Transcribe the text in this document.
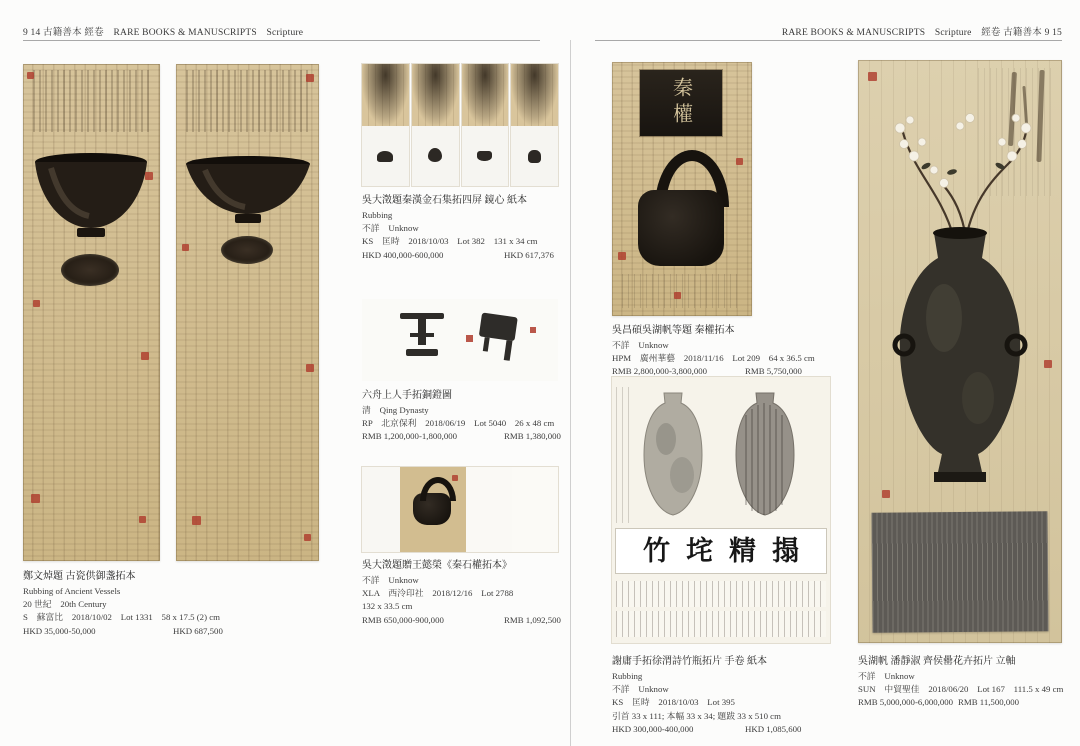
9 14 古籍善本 經卷　RARE BOOKS & MANUSCRIPTS　Scripture	RARE BOOKS & MANUSCRIPTS　Scripture　經卷 古籍善本 9 15
鄭文焯題 古瓷供御盞拓本
Rubbing of Ancient Vessels
20 世紀　20th Century
S　蘇富比　2018/10/02　Lot 1331　58 x 17.5 (2) cm
HKD 35,000-50,000	HKD 687,500
吳大澂題秦漢金石集拓四屏 鏡心 紙本
Rubbing
不詳　Unknow
KS　匡時　2018/10/03　Lot 382　131 x 34 cm
HKD 400,000-600,000	HKD 617,376
六舟上人手拓銅鐙圖
清　Qing Dynasty
RP　北京保利　2018/06/19　Lot 5040　26 x 48 cm
RMB 1,200,000-1,800,000	RMB 1,380,000
吳大澂題贈王懿榮《秦石權拓本》
不詳　Unknow
XLA　西泠印社　2018/12/16　Lot 2788
132 x 33.5 cm
RMB 650,000-900,000	RMB 1,092,500
秦權
吳昌碩吳湖帆等題 秦權拓本
不詳　Unknow
HPM　廣州華藝　2018/11/16　Lot 209　64 x 36.5 cm
RMB 2,800,000-3,800,000	RMB 5,750,000
竹垞精搨
謝庸手拓徐渭詩竹瓶拓片 手卷 紙本
Rubbing
不詳　Unknow
KS　匡時　2018/10/03　Lot 395
引首 33 x 111; 本幅 33 x 34; 題跋 33 x 510 cm
HKD 300,000-400,000	HKD 1,085,600
吳湖帆 潘靜淑 齊侯罍花卉拓片 立軸
不詳　Unknow
SUN　中貿聖佳　2018/06/20　Lot 167　111.5 x 49 cm
RMB 5,000,000-6,000,000 RMB 11,500,000
